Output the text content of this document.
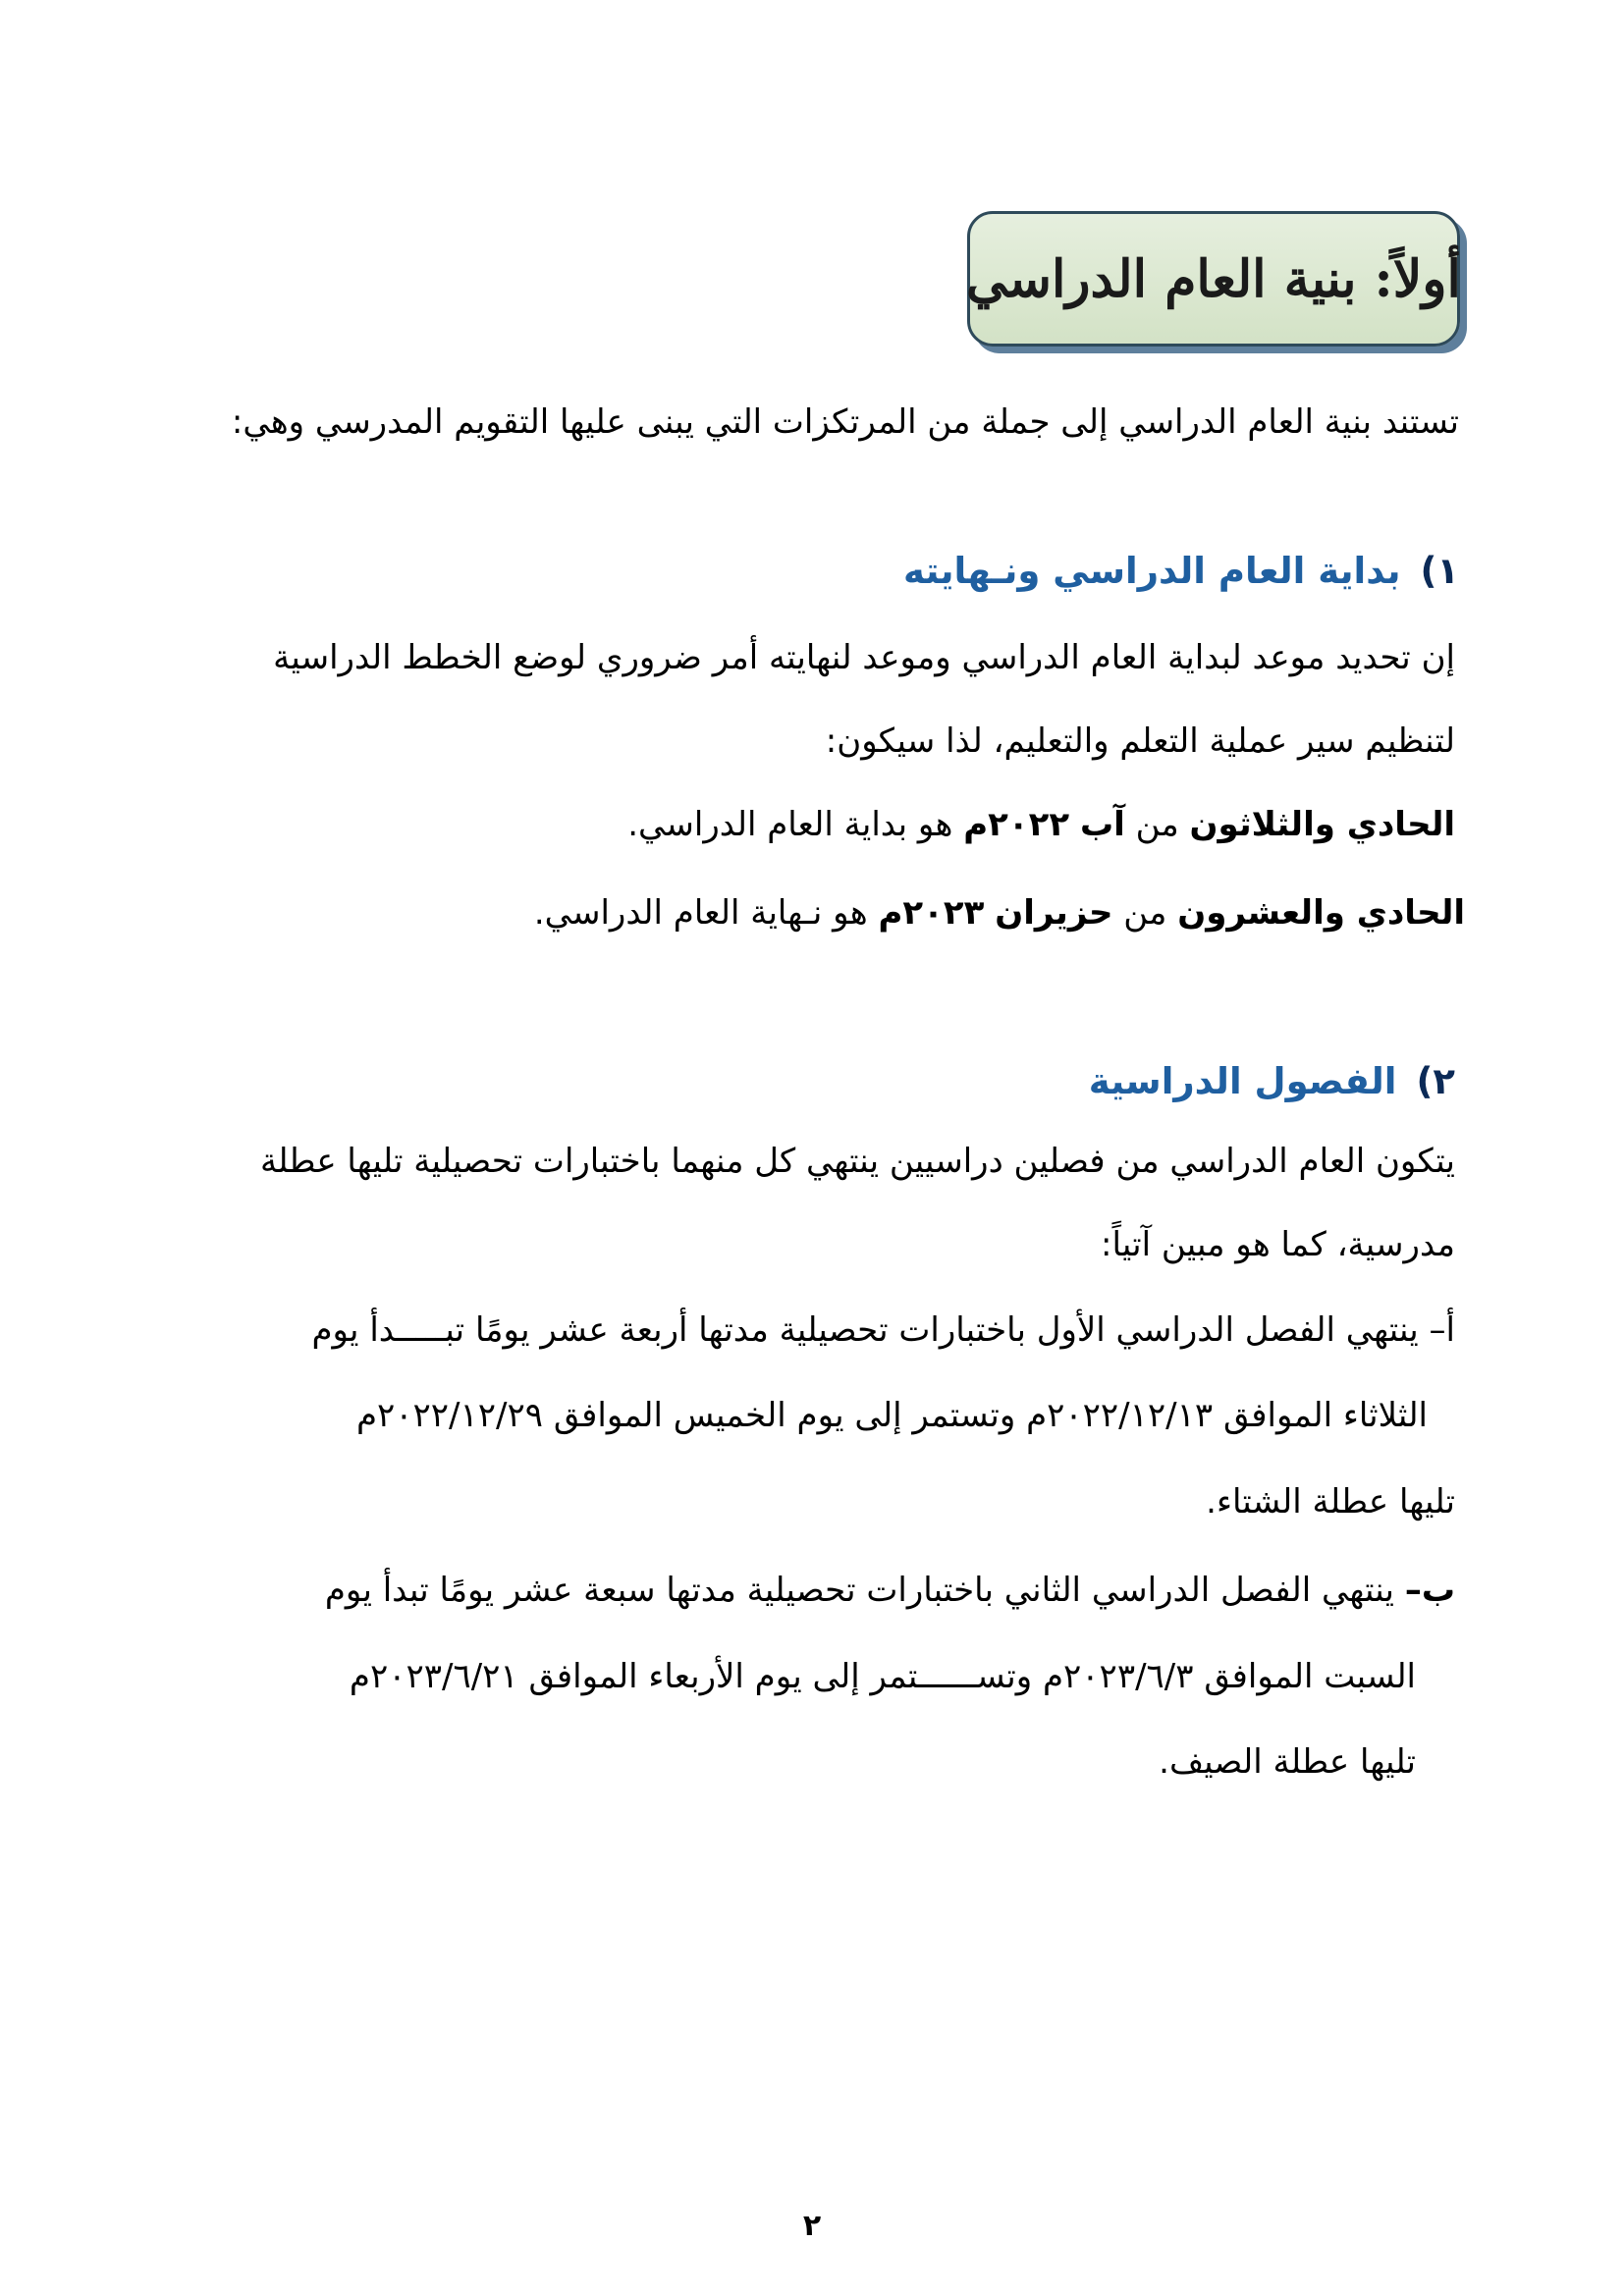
أولاً: بنية العام الدراسي
تستند بنية العام الدراسي إلى جملة من المرتكزات التي يبنى عليها التقويم المدرسي وهي:
١)بداية العام الدراسي ونـهايته
إن تحديد موعد لبداية العام الدراسي وموعد لنهايته أمر ضروري لوضع الخطط الدراسية
لتنظيم سير عملية التعلم والتعليم، لذا سيكون:
الحادي والثلاثون من آب ٢٠٢٢م هو بداية العام الدراسي.
الحادي والعشرون من حزيران ٢٠٢٣م هو نـهاية العام الدراسي.
٢)الفصول الدراسية
يتكون العام الدراسي من فصلين دراسيين ينتهي كل منهما باختبارات تحصيلية تليها عطلة
مدرسية، كما هو مبين آتياً:
أ– ينتهي الفصل الدراسي الأول باختبارات تحصيلية مدتها أربعة عشر يومًا تبـــــدأ يوم
الثلاثاء الموافق ٢٠٢٢/١٢/١٣م وتستمر إلى يوم الخميس الموافق ٢٠٢٢/١٢/٢٩م
تليها عطلة الشتاء.
ب– ينتهي الفصل الدراسي الثاني باختبارات تحصيلية مدتها سبعة عشر يومًا تبدأ يوم
السبت الموافق ٢٠٢٣/٦/٣م وتســــــتمر إلى يوم الأربعاء الموافق ٢٠٢٣/٦/٢١م
تليها عطلة الصيف.
٢
